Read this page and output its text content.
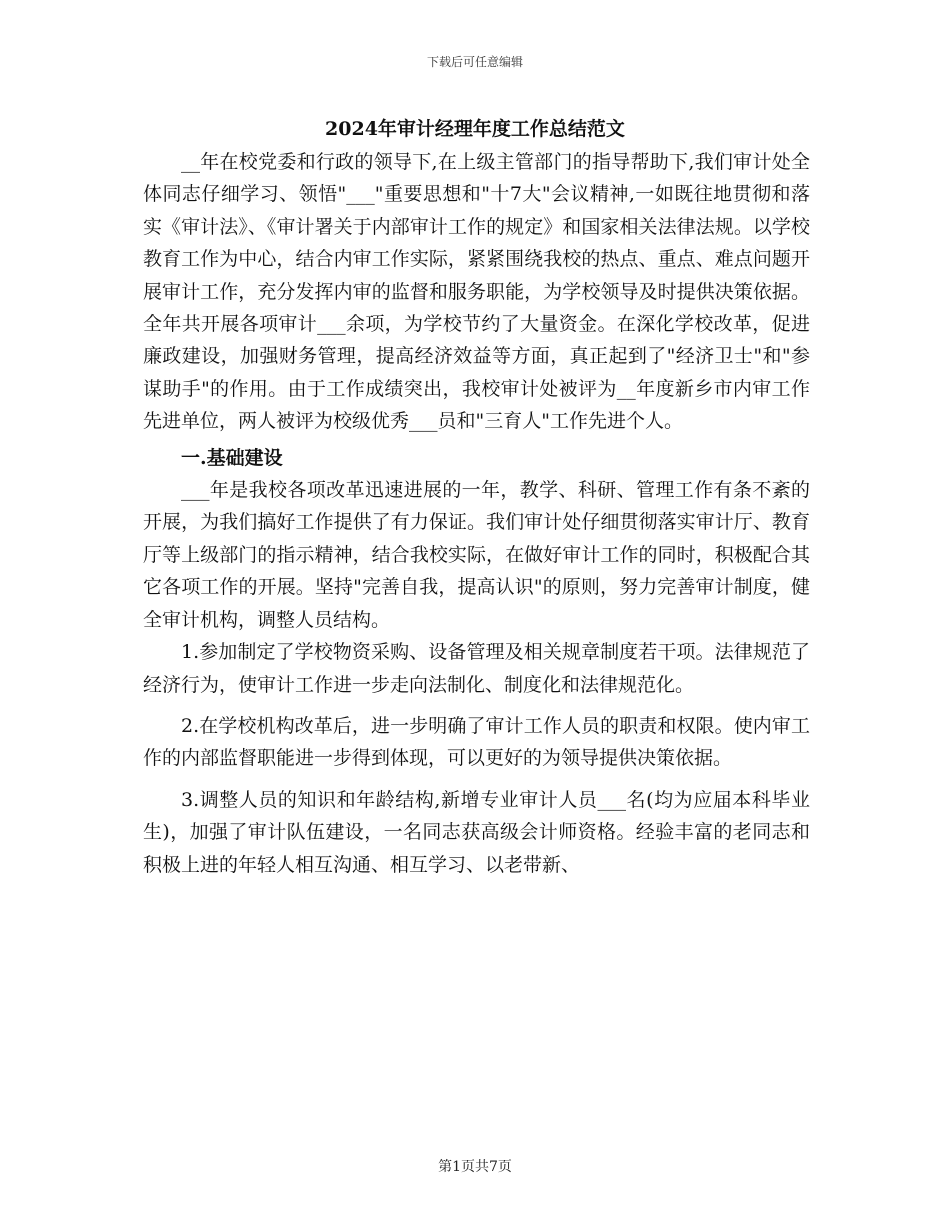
下载后可任意编辑
2024年审计经理年度工作总结范文

__年在校党委和行政的领导下,在上级主管部门的指导帮助下,我们审计处全体同志仔细学习、领悟"___"重要思想和"十7大"会议精神,一如既往地贯彻和落实《审计法》、《审计署关于内部审计工作的规定》和国家相关法律法规。以学校教育工作为中心，结合内审工作实际，紧紧围绕我校的热点、重点、难点问题开展审计工作，充分发挥内审的监督和服务职能，为学校领导及时提供决策依据。全年共开展各项审计___余项，为学校节约了大量资金。在深化学校改革，促进廉政建设，加强财务管理，提高经济效益等方面，真正起到了"经济卫士"和"参谋助手"的作用。由于工作成绩突出，我校审计处被评为__年度新乡市内审工作先进单位，两人被评为校级优秀___员和"三育人"工作先进个人。

一.基础建设

___年是我校各项改革迅速进展的一年，教学、科研、管理工作有条不紊的开展，为我们搞好工作提供了有力保证。我们审计处仔细贯彻落实审计厅、教育厅等上级部门的指示精神，结合我校实际，在做好审计工作的同时，积极配合其它各项工作的开展。坚持"完善自我，提高认识"的原则，努力完善审计制度，健全审计机构，调整人员结构。

1.参加制定了学校物资采购、设备管理及相关规章制度若干项。法律规范了经济行为，使审计工作进一步走向法制化、制度化和法律规范化。

2.在学校机构改革后，进一步明确了审计工作人员的职责和权限。使内审工作的内部监督职能进一步得到体现，可以更好的为领导提供决策依据。

3.调整人员的知识和年龄结构,新增专业审计人员___名(均为应届本科毕业生)，加强了审计队伍建设，一名同志获高级会计师资格。经验丰富的老同志和积极上进的年轻人相互沟通、相互学习、以老带新、

第1页共7页
